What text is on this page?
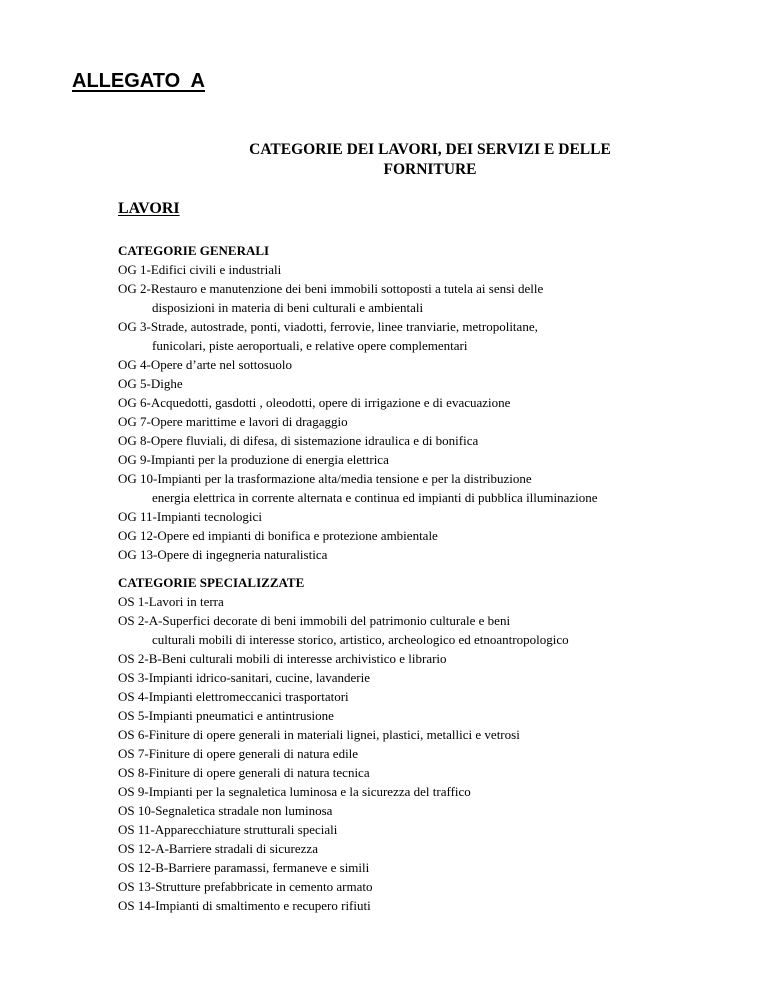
ALLEGATO  A
CATEGORIE DEI LAVORI, DEI SERVIZI E DELLE
FORNITURE
LAVORI
CATEGORIE GENERALI
OG 1-Edifici civili e industriali
OG 2-Restauro e manutenzione dei beni immobili sottoposti a tutela ai sensi delle
disposizioni in materia di beni culturali e ambientali
OG 3-Strade, autostrade, ponti, viadotti, ferrovie, linee tranviarie, metropolitane,
funicolari, piste aeroportuali, e relative opere complementari
OG 4-Opere d’arte nel sottosuolo
OG 5-Dighe
OG 6-Acquedotti, gasdotti , oleodotti, opere di irrigazione e di evacuazione
OG 7-Opere marittime e lavori di dragaggio
OG 8-Opere fluviali, di difesa, di sistemazione idraulica e di bonifica
OG 9-Impianti per la produzione di energia elettrica
OG 10-Impianti per la trasformazione alta/media tensione e per la distribuzione
energia elettrica in corrente alternata e continua ed impianti di pubblica illuminazione
OG 11-Impianti tecnologici
OG 12-Opere ed impianti di bonifica e protezione ambientale
OG 13-Opere di ingegneria naturalistica
CATEGORIE SPECIALIZZATE
OS 1-Lavori in terra
OS 2-A-Superfici decorate di beni immobili del patrimonio culturale e beni
culturali mobili di interesse storico, artistico, archeologico ed etnoantropologico
OS 2-B-Beni culturali mobili di interesse archivistico e librario
OS 3-Impianti idrico-sanitari, cucine, lavanderie
OS 4-Impianti elettromeccanici trasportatori
OS 5-Impianti pneumatici e antintrusione
OS 6-Finiture di opere generali in materiali lignei, plastici, metallici e vetrosi
OS 7-Finiture di opere generali di natura edile
OS 8-Finiture di opere generali di natura tecnica
OS 9-Impianti per la segnaletica luminosa e la sicurezza del traffico
OS 10-Segnaletica stradale non luminosa
OS 11-Apparecchiature strutturali speciali
OS 12-A-Barriere stradali di sicurezza
OS 12-B-Barriere paramassi, fermaneve e simili
OS 13-Strutture prefabbricate in cemento armato
OS 14-Impianti di smaltimento e recupero rifiuti
